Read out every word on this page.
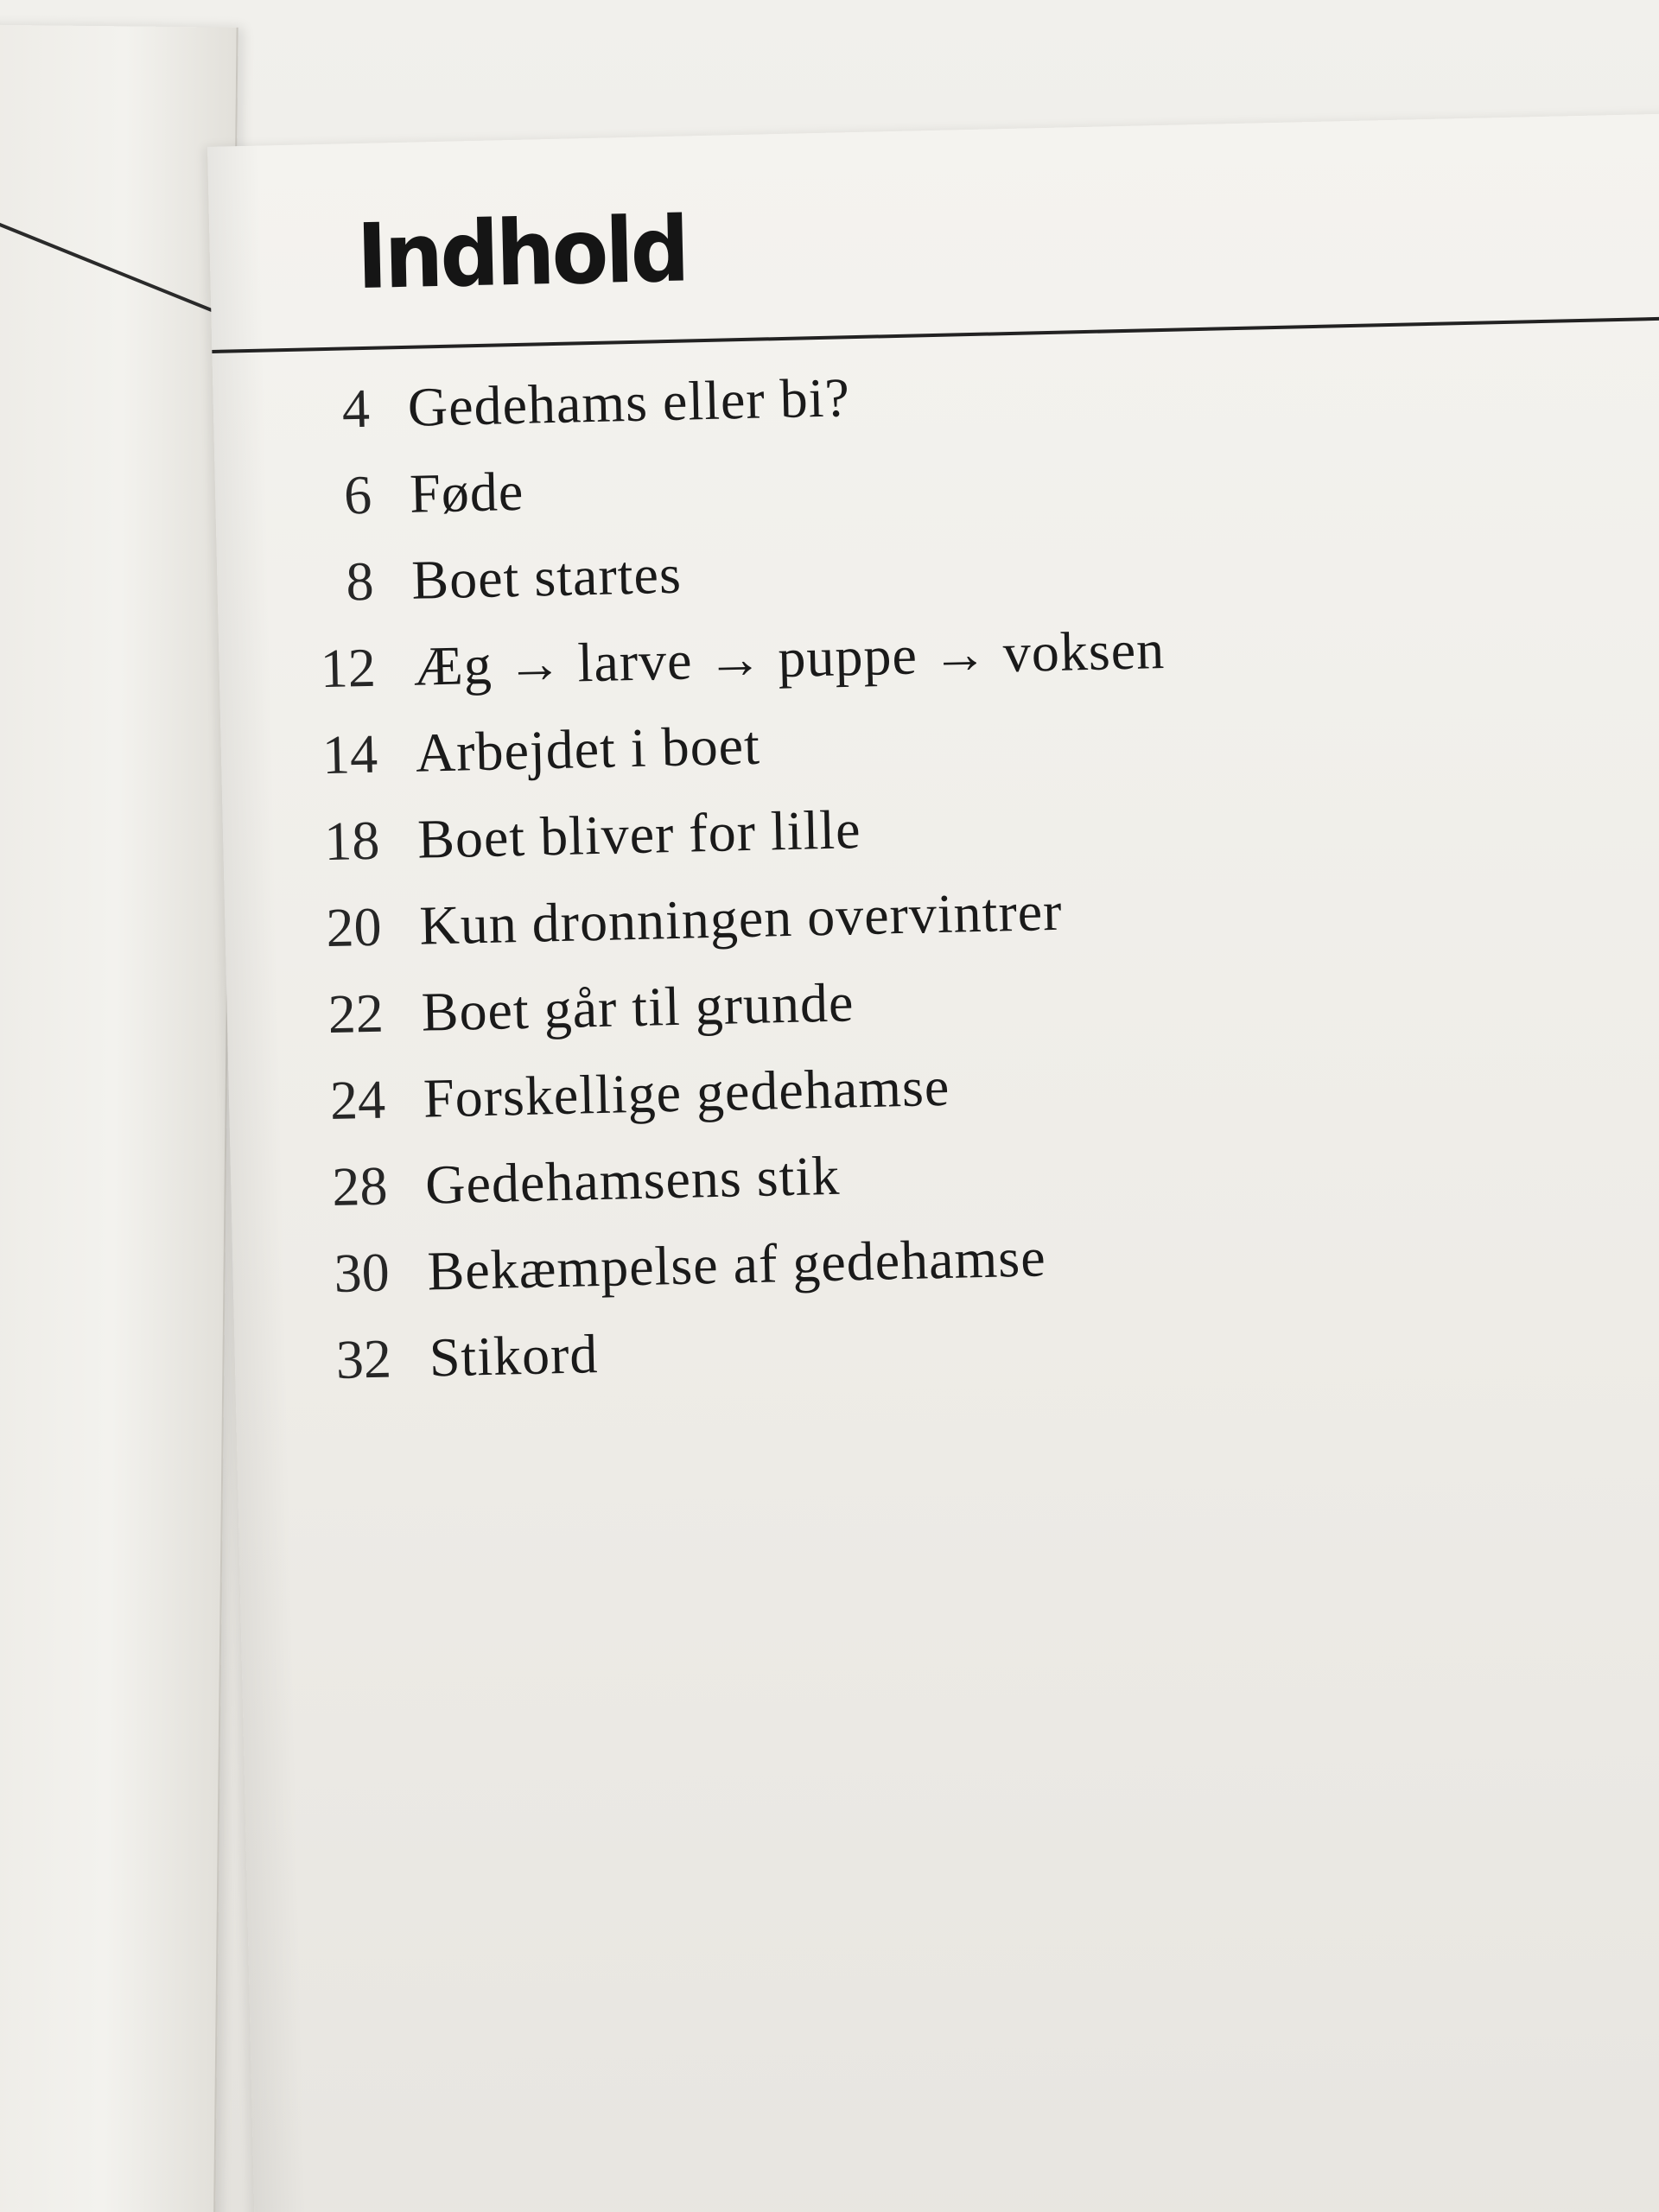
Indhold
4 Gedehams eller bi?
6 Føde
8 Boet startes
12 Æg → larve → puppe → voksen
14 Arbejdet i boet
18 Boet bliver for lille
20 Kun dronningen overvintrer
22 Boet går til grunde
24 Forskellige gedehamse
28 Gedehamsens stik
30 Bekæmpelse af gedehamse
32 Stikord
